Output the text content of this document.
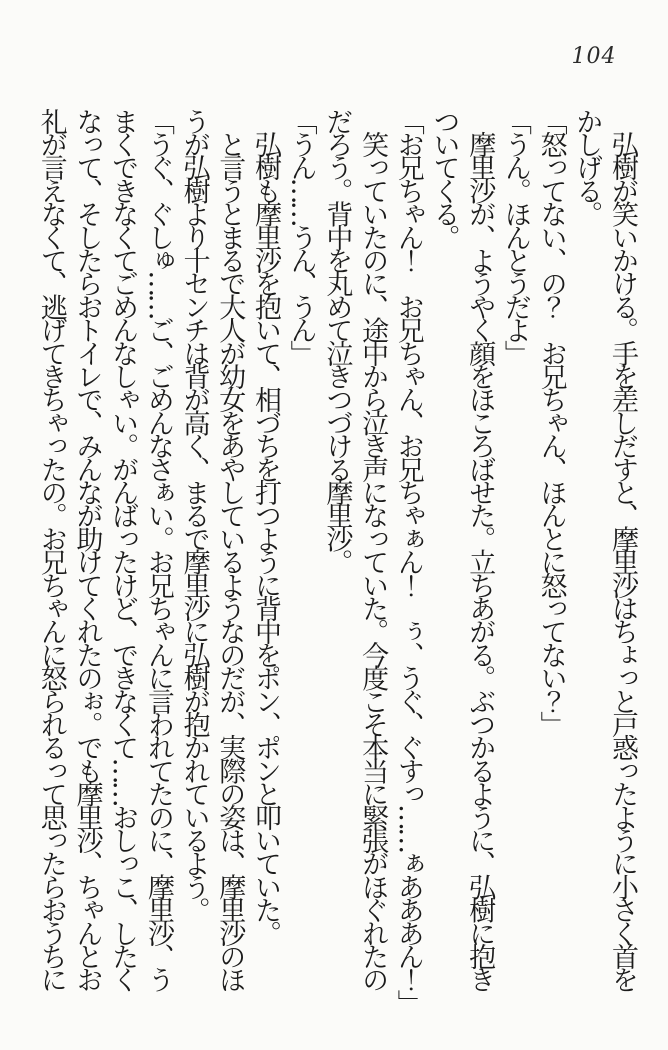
104
　弘樹が笑いかける。手を差しだすと、摩里沙はちょっと戸惑ったように小さく首を
かしげる。
「怒ってない、の？　お兄ちゃん、ほんとに怒ってない？」
「うん。ほんとうだよ」
　摩里沙が、ようやく顔をほころばせた。立ちあがる。ぶつかるように、弘樹に抱き
ついてくる。
「お兄ちゃん！　お兄ちゃん、お兄ちゃぁん！　ぅ、うぐ、ぐすっ……ぁあああん！」
　笑っていたのに、途中から泣き声になっていた。今度こそ本当に緊張がほぐれたの
だろう。背中を丸めて泣きつづける摩里沙。
「うん……うん、うん」
　弘樹も摩里沙を抱いて、相づちを打つように背中をポン、ポンと叩いていた。
　と言うとまるで大人が幼女をあやしているようなのだが、実際の姿は、摩里沙のほ
うが弘樹より十センチは背が高く、まるで摩里沙に弘樹が抱かれているよう。
「うぐ、ぐしゅ……ご、ごめんなさぁい。お兄ちゃんに言われてたのに、摩里沙、う
まくできなくてごめんなしゃい。がんばったけど、できなくて……おしっこ、したく
なって、そしたらおトイレで、みんなが助けてくれたのぉ。でも摩里沙、ちゃんとお
礼が言えなくて、逃げてきちゃったの。お兄ちゃんに怒られるって思ったらおうちに
